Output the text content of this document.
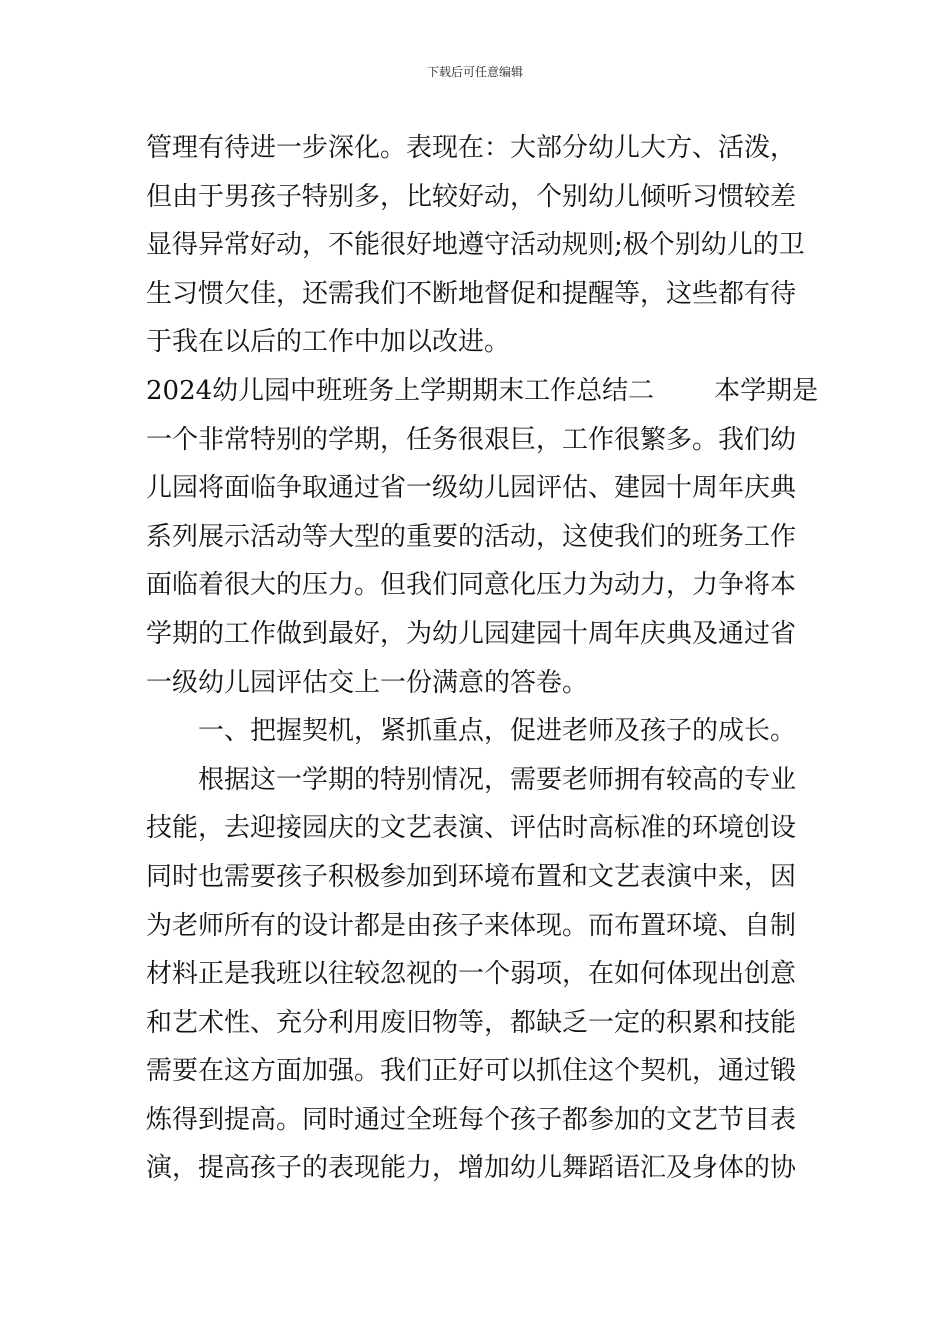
下载后可任意编辑
管理有待进一步深化。表现在：大部分幼儿大方、活泼，
但由于男孩子特别多，比较好动，个别幼儿倾听习惯较差
显得异常好动，不能很好地遵守活动规则;极个别幼儿的卫
生习惯欠佳，还需我们不断地督促和提醒等，这些都有待
于我在以后的工作中加以改进。
2024幼儿园中班班务上学期期末工作总结二 本学期是
一个非常特别的学期，任务很艰巨，工作很繁多。我们幼
儿园将面临争取通过省一级幼儿园评估、建园十周年庆典
系列展示活动等大型的重要的活动，这使我们的班务工作
面临着很大的压力。但我们同意化压力为动力，力争将本
学期的工作做到最好，为幼儿园建园十周年庆典及通过省
一级幼儿园评估交上一份满意的答卷。
　　一、把握契机，紧抓重点，促进老师及孩子的成长。
　　根据这一学期的特别情况，需要老师拥有较高的专业
技能，去迎接园庆的文艺表演、评估时高标准的环境创设
同时也需要孩子积极参加到环境布置和文艺表演中来，因
为老师所有的设计都是由孩子来体现。而布置环境、自制
材料正是我班以往较忽视的一个弱项，在如何体现出创意
和艺术性、充分利用废旧物等，都缺乏一定的积累和技能
需要在这方面加强。我们正好可以抓住这个契机，通过锻
炼得到提高。同时通过全班每个孩子都参加的文艺节目表
演，提高孩子的表现能力，增加幼儿舞蹈语汇及身体的协
